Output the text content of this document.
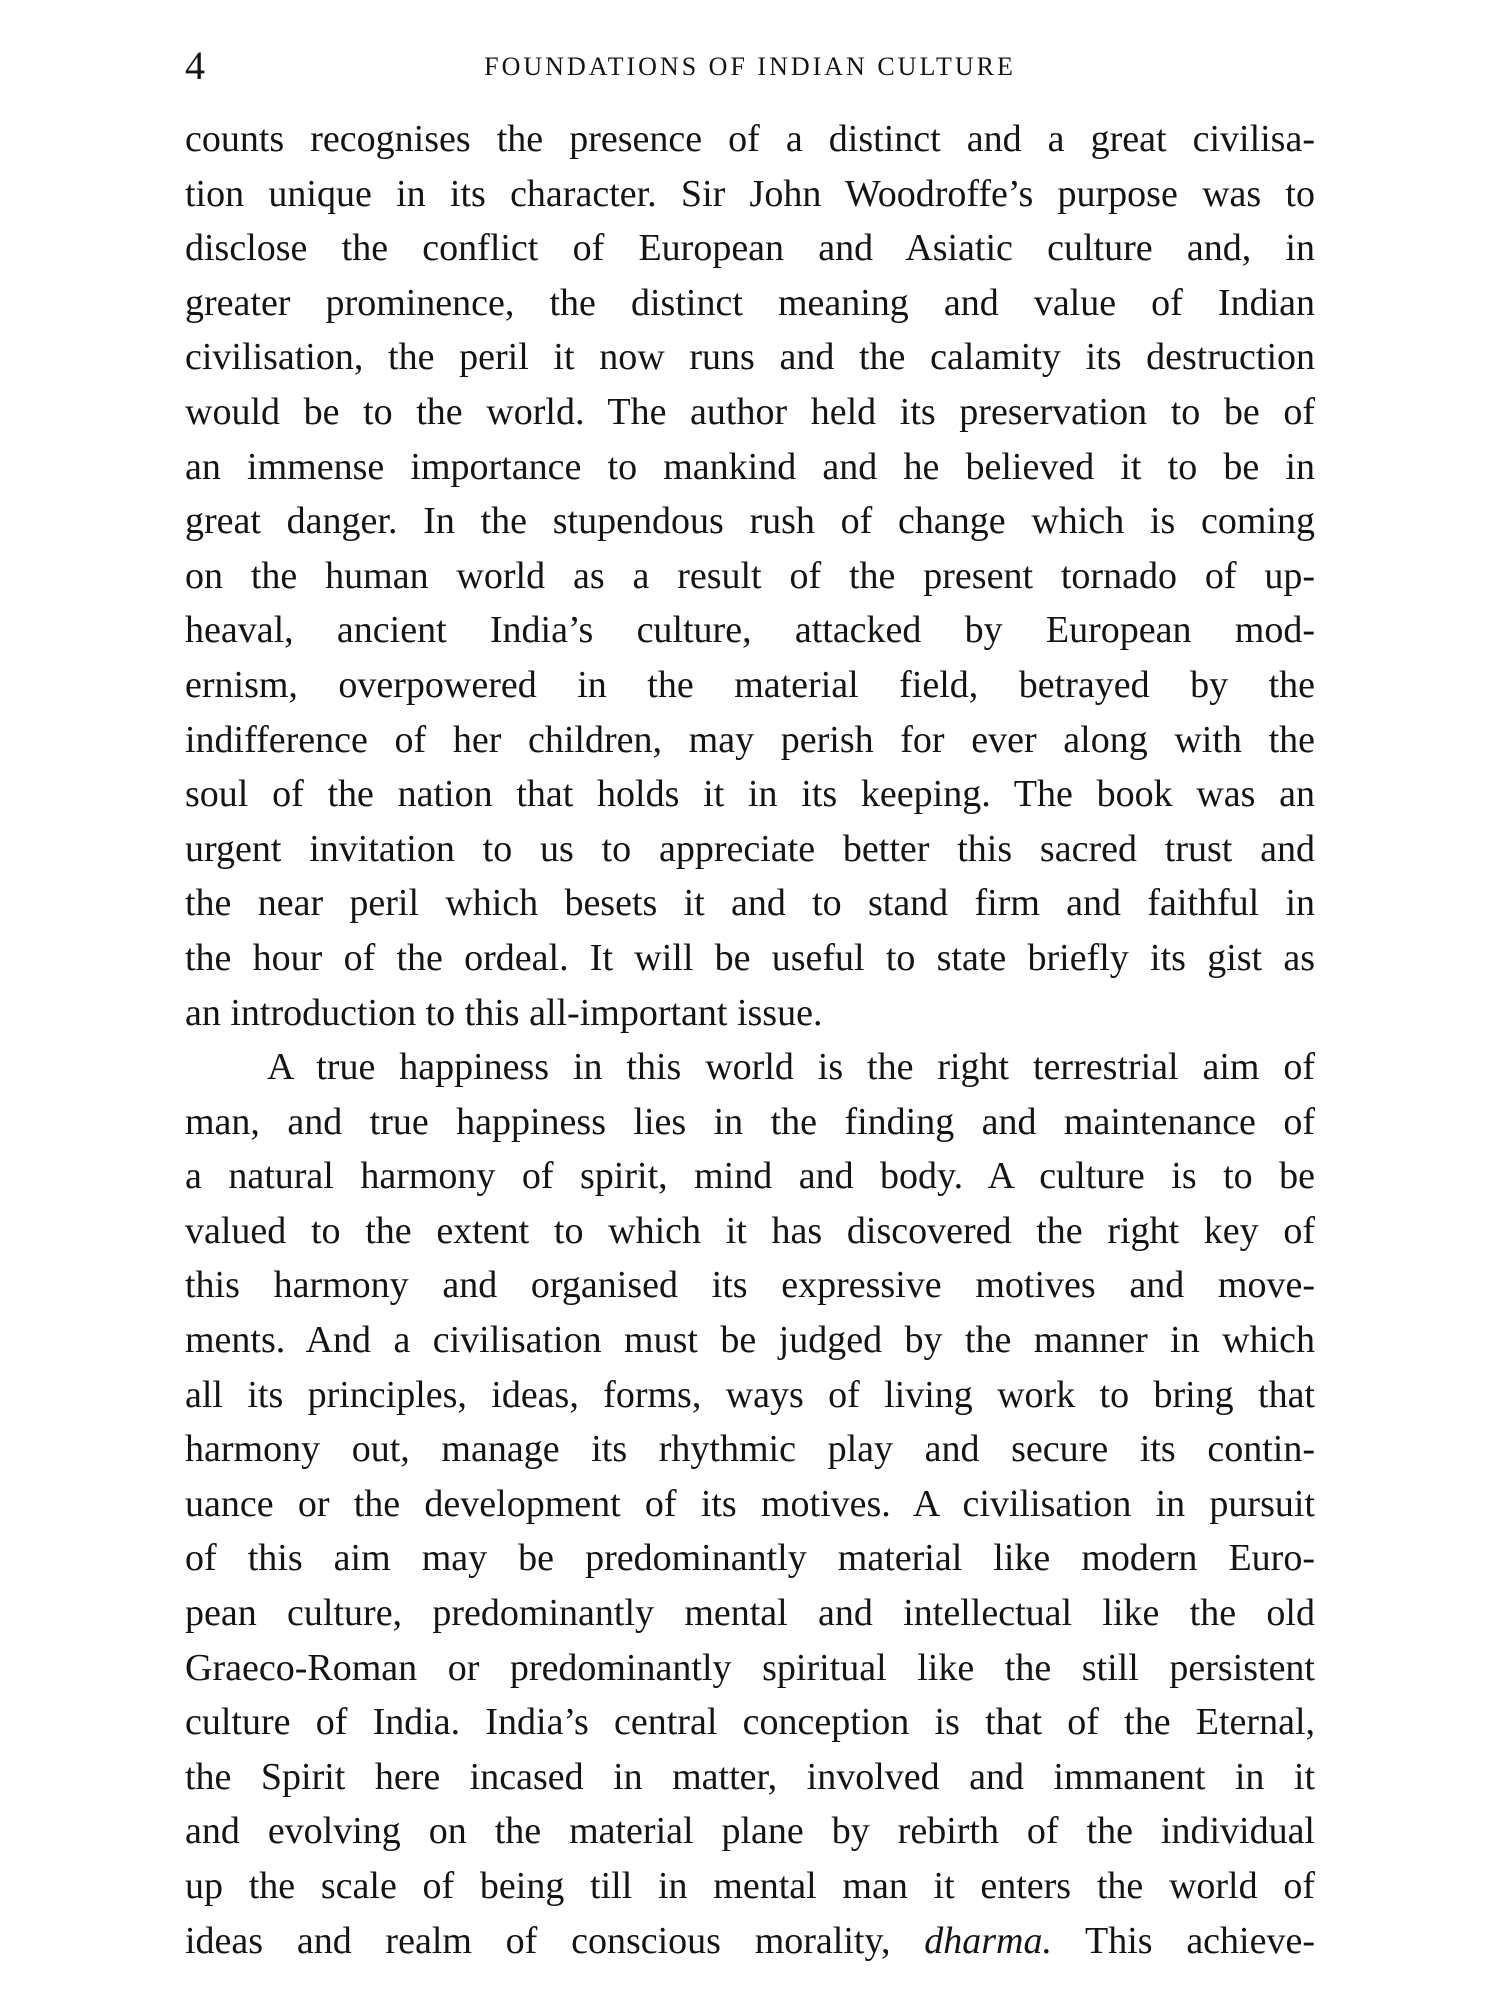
4	FOUNDATIONS OF INDIAN CULTURE
counts recognises the presence of a distinct and a great civilisa-
tion unique in its character. Sir John Woodroffe’s purpose was to
disclose the conflict of European and Asiatic culture and, in
greater prominence, the distinct meaning and value of Indian
civilisation, the peril it now runs and the calamity its destruction
would be to the world. The author held its preservation to be of
an immense importance to mankind and he believed it to be in
great danger. In the stupendous rush of change which is coming
on the human world as a result of the present tornado of up-
heaval, ancient India’s culture, attacked by European mod-
ernism, overpowered in the material field, betrayed by the
indifference of her children, may perish for ever along with the
soul of the nation that holds it in its keeping. The book was an
urgent invitation to us to appreciate better this sacred trust and
the near peril which besets it and to stand firm and faithful in
the hour of the ordeal. It will be useful to state briefly its gist as
an introduction to this all-important issue.
A true happiness in this world is the right terrestrial aim of
man, and true happiness lies in the finding and maintenance of
a natural harmony of spirit, mind and body. A culture is to be
valued to the extent to which it has discovered the right key of
this harmony and organised its expressive motives and move-
ments. And a civilisation must be judged by the manner in which
all its principles, ideas, forms, ways of living work to bring that
harmony out, manage its rhythmic play and secure its contin-
uance or the development of its motives. A civilisation in pursuit
of this aim may be predominantly material like modern Euro-
pean culture, predominantly mental and intellectual like the old
Graeco-Roman or predominantly spiritual like the still persistent
culture of India. India’s central conception is that of the Eternal,
the Spirit here incased in matter, involved and immanent in it
and evolving on the material plane by rebirth of the individual
up the scale of being till in mental man it enters the world of
ideas and realm of conscious morality, dharma. This achieve-
